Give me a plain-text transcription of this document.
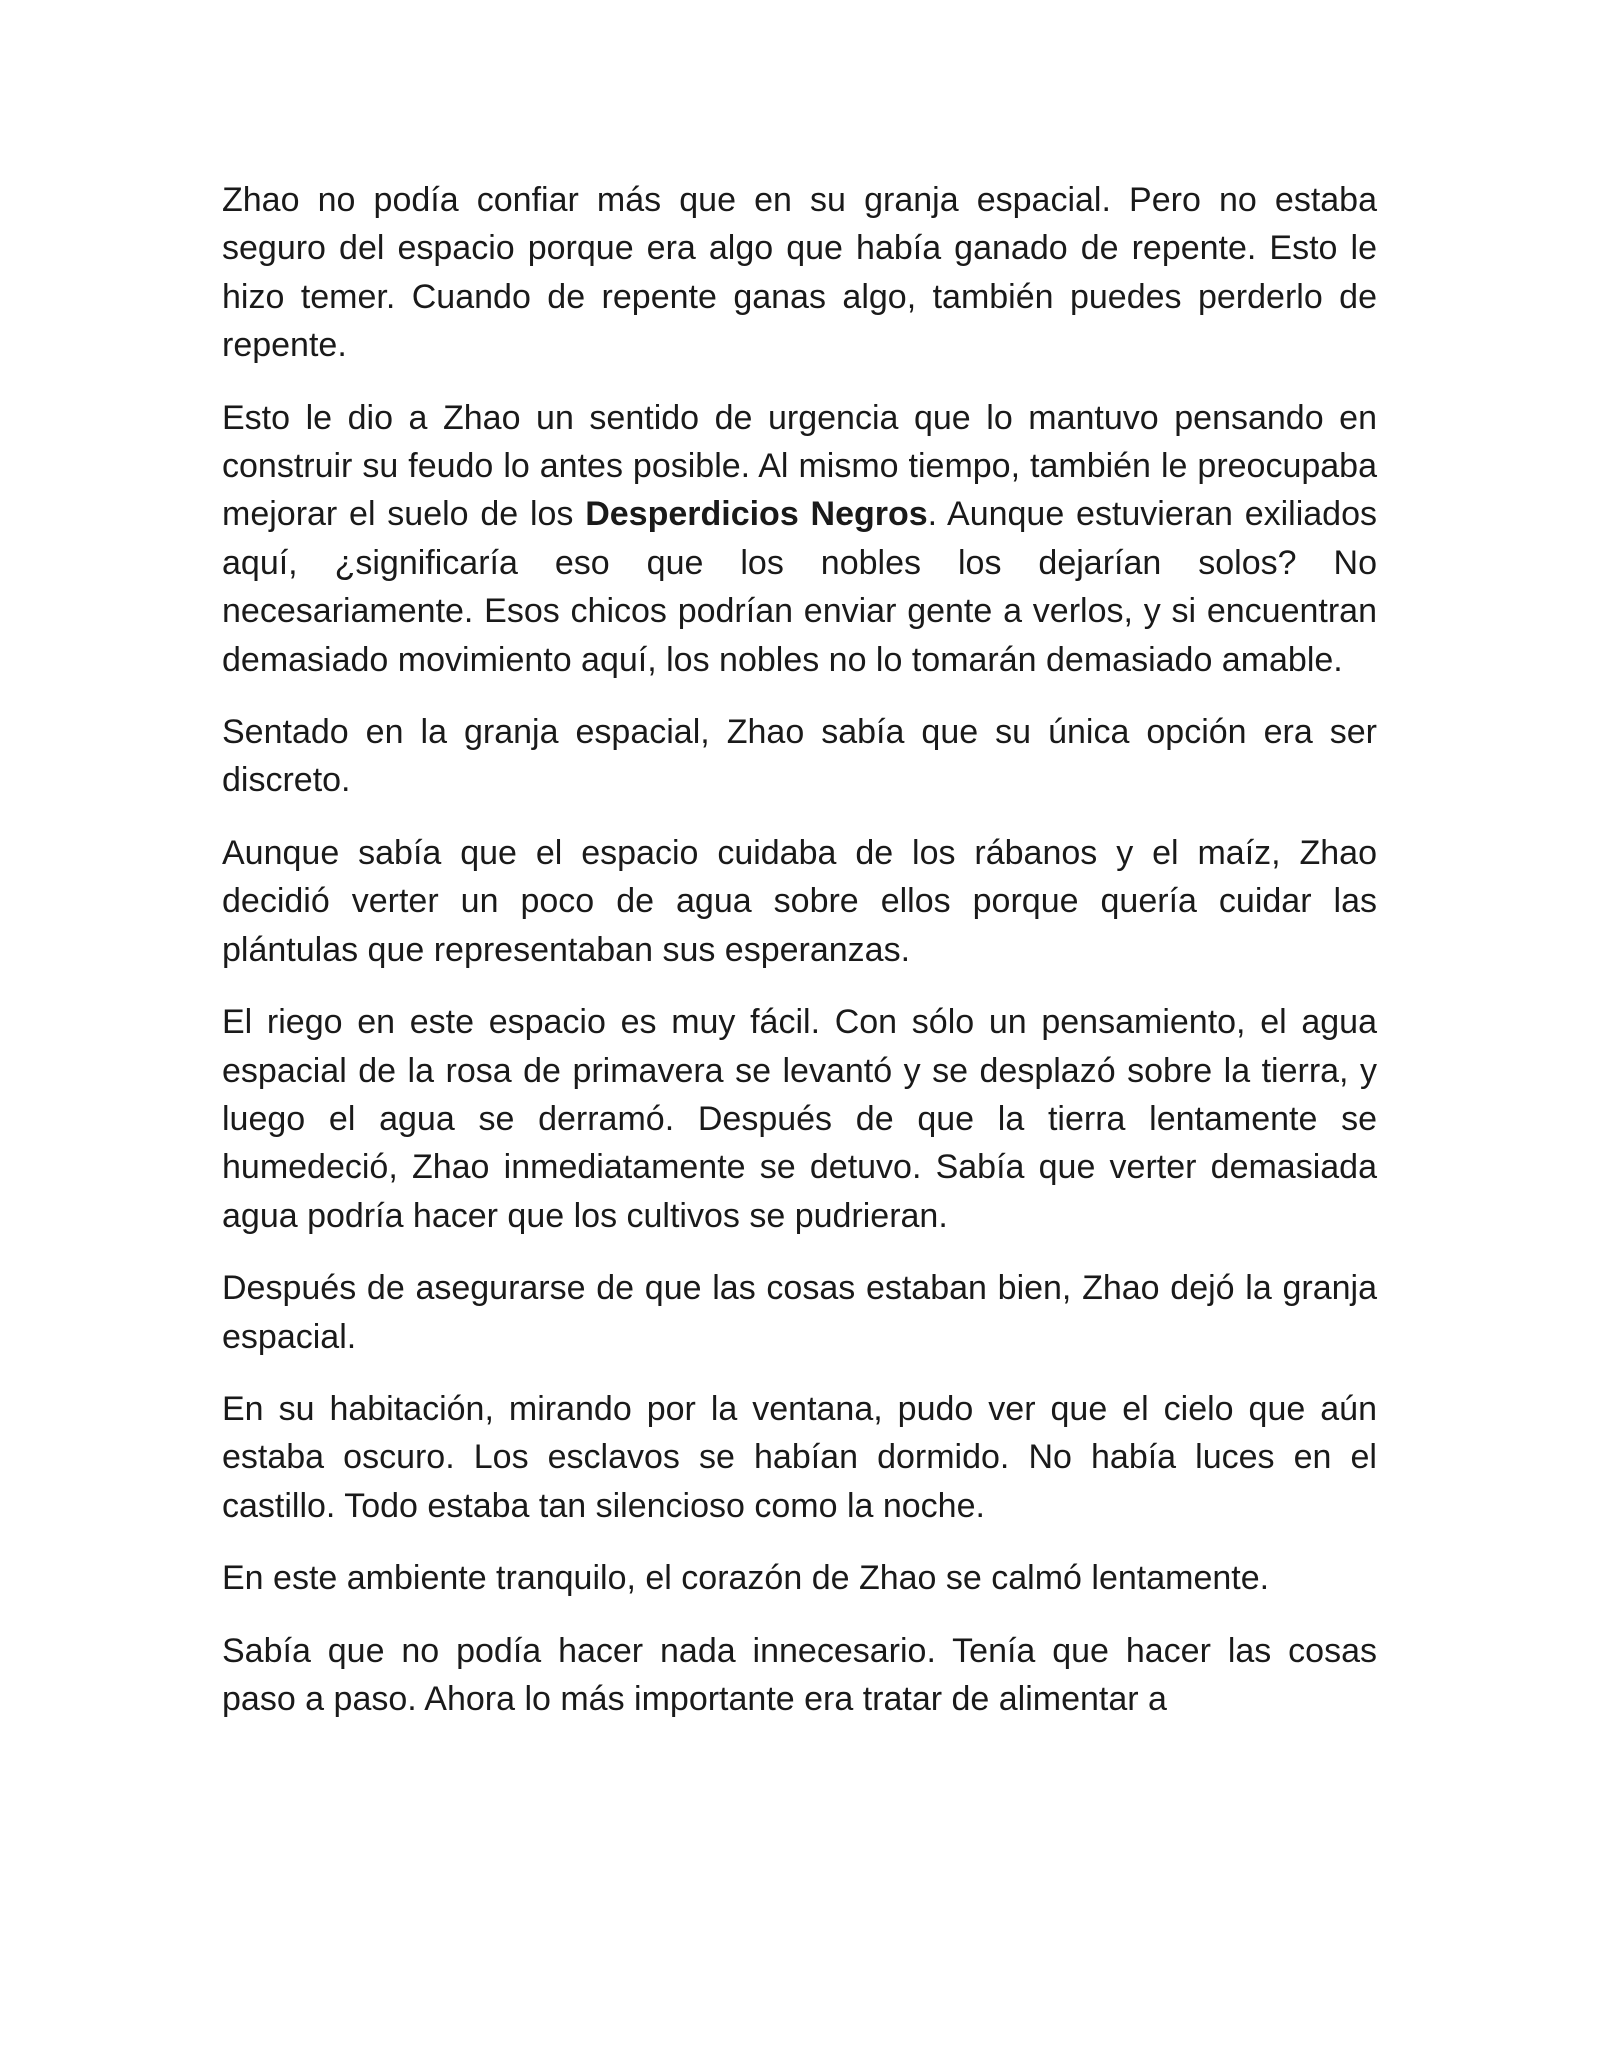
Zhao no podía confiar más que en su granja espacial. Pero no estaba seguro del espacio porque era algo que había ganado de repente. Esto le hizo temer. Cuando de repente ganas algo, también puedes perderlo de repente.

Esto le dio a Zhao un sentido de urgencia que lo mantuvo pensando en construir su feudo lo antes posible. Al mismo tiempo, también le preocupaba mejorar el suelo de los Desperdicios Negros. Aunque estuvieran exiliados aquí, ¿significaría eso que los nobles los dejarían solos? No necesariamente. Esos chicos podrían enviar gente a verlos, y si encuentran demasiado movimiento aquí, los nobles no lo tomarán demasiado amable.

Sentado en la granja espacial, Zhao sabía que su única opción era ser discreto.

Aunque sabía que el espacio cuidaba de los rábanos y el maíz, Zhao decidió verter un poco de agua sobre ellos porque quería cuidar las plántulas que representaban sus esperanzas.

El riego en este espacio es muy fácil. Con sólo un pensamiento, el agua espacial de la rosa de primavera se levantó y se desplazó sobre la tierra, y luego el agua se derramó. Después de que la tierra lentamente se humedeció, Zhao inmediatamente se detuvo. Sabía que verter demasiada agua podría hacer que los cultivos se pudrieran.

Después de asegurarse de que las cosas estaban bien, Zhao dejó la granja espacial.

En su habitación, mirando por la ventana, pudo ver que el cielo que aún estaba oscuro. Los esclavos se habían dormido. No había luces en el castillo. Todo estaba tan silencioso como la noche.

En este ambiente tranquilo, el corazón de Zhao se calmó lentamente.

Sabía que no podía hacer nada innecesario. Tenía que hacer las cosas paso a paso. Ahora lo más importante era tratar de alimentar a
